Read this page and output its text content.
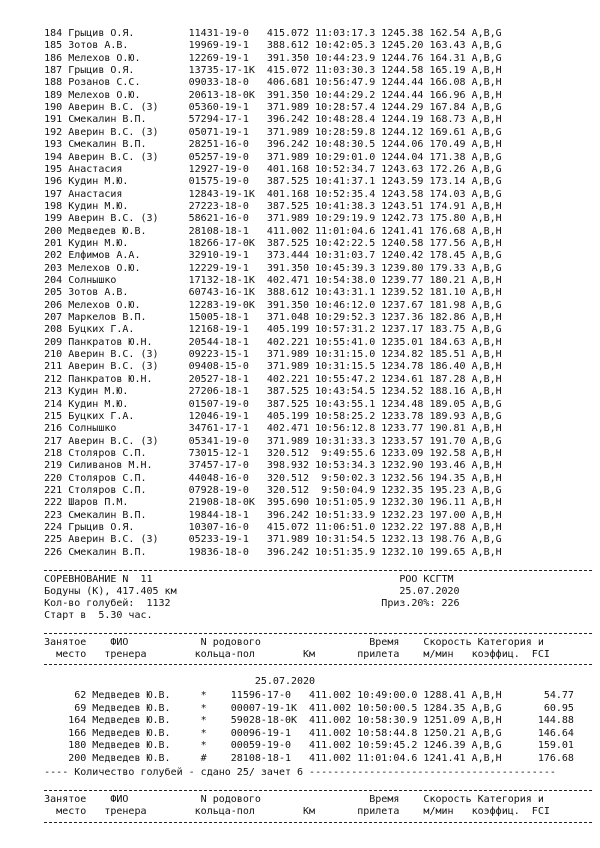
184 Грыцив О.Я.         11431-19-0   415.072 11:03:17.3 1245.38 162.54 A,B,G
185 Зотов А.В.          19969-19-1   388.612 10:42:05.3 1245.20 163.43 A,B,G
186 Мелехов О.Ю.        12269-19-1   391.350 10:44:23.9 1244.76 164.31 A,B,G
187 Грыцив О.Я.         13735-17-1K  415.072 11:03:30.3 1244.58 165.19 A,B,H
188 Розанов С.С.        09033-18-0   406.681 10:56:47.9 1244.44 166.08 A,B,H
189 Мелехов О.Ю.        20613-18-0K  391.350 10:44:29.2 1244.44 166.96 A,B,H
190 Аверин В.С. (З)     05360-19-1   371.989 10:28:57.4 1244.29 167.84 A,B,G
191 Смекалин В.П.       57294-17-1   396.242 10:48:28.4 1244.19 168.73 A,B,H
192 Аверин В.С. (З)     05071-19-1   371.989 10:28:59.8 1244.12 169.61 A,B,G
193 Смекалин В.П.       28251-16-0   396.242 10:48:30.5 1244.06 170.49 A,B,H
194 Аверин В.С. (З)     05257-19-0   371.989 10:29:01.0 1244.04 171.38 A,B,G
195 Анастасия           12927-19-0   401.168 10:52:34.7 1243.63 172.26 A,B,G
196 Кудин М.Ю.          01575-19-0   387.525 10:41:37.1 1243.59 173.14 A,B,G
197 Анастасия           12843-19-1K  401.168 10:52:35.4 1243.58 174.03 A,B,G
198 Кудин М.Ю.          27223-18-0   387.525 10:41:38.3 1243.51 174.91 A,B,H
199 Аверин В.С. (З)     58621-16-0   371.989 10:29:19.9 1242.73 175.80 A,B,H
200 Медведев Ю.В.       28108-18-1   411.002 11:01:04.6 1241.41 176.68 A,B,H
201 Кудин М.Ю.          18266-17-0K  387.525 10:42:22.5 1240.58 177.56 A,B,H
202 Елфимов А.А.        32910-19-1   373.444 10:31:03.7 1240.42 178.45 A,B,G
203 Мелехов О.Ю.        12229-19-1   391.350 10:45:39.3 1239.80 179.33 A,B,G
204 Солнышко            17132-18-1K  402.471 10:54:38.0 1239.77 180.21 A,B,H
205 Зотов А.В.          60743-16-1K  388.612 10:43:31.1 1239.52 181.10 A,B,H
206 Мелехов О.Ю.        12283-19-0K  391.350 10:46:12.0 1237.67 181.98 A,B,G
207 Маркелов В.П.       15005-18-1   371.048 10:29:52.3 1237.36 182.86 A,B,H
208 Буцких Г.А.         12168-19-1   405.199 10:57:31.2 1237.17 183.75 A,B,G
209 Панкратов Ю.Н.      20544-18-1   402.221 10:55:41.0 1235.01 184.63 A,B,H
210 Аверин В.С. (З)     09223-15-1   371.989 10:31:15.0 1234.82 185.51 A,B,H
211 Аверин В.С. (З)     09408-15-0   371.989 10:31:15.5 1234.78 186.40 A,B,H
212 Панкратов Ю.Н.      20527-18-1   402.221 10:55:47.2 1234.61 187.28 A,B,H
213 Кудин М.Ю.          27206-18-1   387.525 10:43:54.5 1234.52 188.16 A,B,H
214 Кудин М.Ю.          01507-19-0   387.525 10:43:55.1 1234.48 189.05 A,B,G
215 Буцких Г.А.         12046-19-1   405.199 10:58:25.2 1233.78 189.93 A,B,G
216 Солнышко            34761-17-1   402.471 10:56:12.8 1233.77 190.81 A,B,H
217 Аверин В.С. (З)     05341-19-0   371.989 10:31:33.3 1233.57 191.70 A,B,G
218 Столяров С.П.       73015-12-1   320.512  9:49:55.6 1233.09 192.58 A,B,H
219 Силиванов М.Н.      37457-17-0   398.932 10:53:34.3 1232.90 193.46 A,B,H
220 Столяров С.П.       44048-16-0   320.512  9:50:02.3 1232.56 194.35 A,B,H
221 Столяров С.П.       07928-19-0   320.512  9:50:04.9 1232.35 195.23 A,B,G
222 Шаров П.М.          21908-18-0K  395.690 10:51:05.9 1232.30 196.11 A,B,H
223 Смекалин В.П.       19844-18-1   396.242 10:51:33.9 1232.23 197.00 A,B,H
224 Грыцив О.Я.         10307-16-0   415.072 11:06:51.0 1232.22 197.88 A,B,H
225 Аверин В.С. (З)     05233-19-1   371.989 10:31:54.5 1232.13 198.76 A,B,G
226 Смекалин В.П.       19836-18-0   396.242 10:51:35.9 1232.10 199.65 A,B,H
СОРЕВНОВАНИЕ N  11                                         РОО КСГТМ
Бодуны (К), 417.405 км                                     25.07.2020
Кол-во голубей:  1132                                   Приз.20%: 226
Старт в  5.30 час.
Занятое    ФИО            N родового                  Время    Скорость Категория и
место   тренера        кольца-пол        Км       прилета    м/мин   коэффиц.  FCI
25.07.2020
62 Медведев Ю.В.     *    11596-17-0   411.002 10:49:00.0 1288.41 A,B,H       54.77
69 Медведев Ю.В.     *    00007-19-1K  411.002 10:50:00.5 1284.35 A,B,G       60.95
164 Медведев Ю.В.     *    59028-18-0K  411.002 10:58:30.9 1251.09 A,B,H      144.88
166 Медведев Ю.В.     *    00096-19-1   411.002 10:58:44.8 1250.21 A,B,G      146.64
180 Медведев Ю.В.     *    00059-19-0   411.002 10:59:45.2 1246.39 A,B,G      159.01
200 Медведев Ю.В.     #    28108-18-1   411.002 11:01:04.6 1241.41 A,B,H      176.68
---- Количество голубей - сдано 25/ зачет 6 -----------------------------------------
Занятое    ФИО            N родового                  Время    Скорость Категория и
место   тренера        кольца-пол        Км       прилета    м/мин   коэффиц.  FCI
